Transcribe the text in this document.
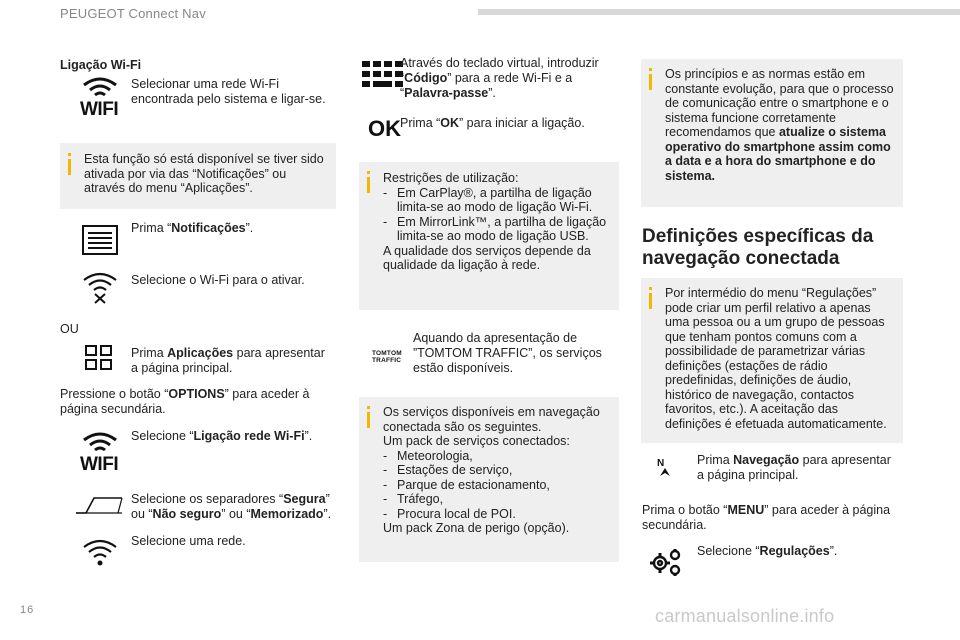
PEUGEOT Connect Nav
16	carmanualsonline.info
Ligação Wi-Fi
WIFI
Selecionar uma rede Wi-Fi encontrada pelo sistema e ligar-se.
Esta função só está disponível se tiver sido ativada por via das “Notificações” ou através do menu “Aplicações”.
Prima “Notificações”.
Selecione o Wi-Fi para o ativar.
OU
Prima Aplicações para apresentar a página principal.
Pressione o botão “OPTIONS” para aceder à página secundária.
WIFI
Selecione “Ligação rede Wi-Fi”.
Selecione os separadores “Segura” ou “Não seguro” ou “Memorizado”.
Selecione uma rede.
Através do teclado virtual, introduzir “Código” para a rede Wi-Fi e a “Palavra-passe”.
OK Prima “OK” para iniciar a ligação.
Restrições de utilização:
- Em CarPlay®, a partilha de ligação limita-se ao modo de ligação Wi-Fi.
- Em MirrorLink™, a partilha de ligação limita-se ao modo de ligação USB.
A qualidade dos serviços depende da qualidade da ligação à rede.
TOMTOM
TRAFFIC
Aquando da apresentação de ”TOMTOM TRAFFIC”, os serviços estão disponíveis.
Os serviços disponíveis em navegação conectada são os seguintes.
Um pack de serviços conectados:
- Meteorologia,
- Estações de serviço,
- Parque de estacionamento,
- Tráfego,
- Procura local de POI.
Um pack Zona de perigo (opção).
Os princípios e as normas estão em constante evolução, para que o processo de comunicação entre o smartphone e o sistema funcione corretamente recomendamos que atualize o sistema operativo do smartphone assim como a data e a hora do smartphone e do sistema.
Definições específicas da navegação conectada
Por intermédio do menu “Regulações” pode criar um perfil relativo a apenas uma pessoa ou a um grupo de pessoas que tenham pontos comuns com a possibilidade de parametrizar várias definições (estações de rádio predefinidas, definições de áudio, histórico de navegação, contactos favoritos, etc.). A aceitação das definições é efetuada automaticamente.
N	Prima Navegação para apresentar a página principal.
Prima o botão “MENU” para aceder à página secundária.
Selecione “Regulações”.
